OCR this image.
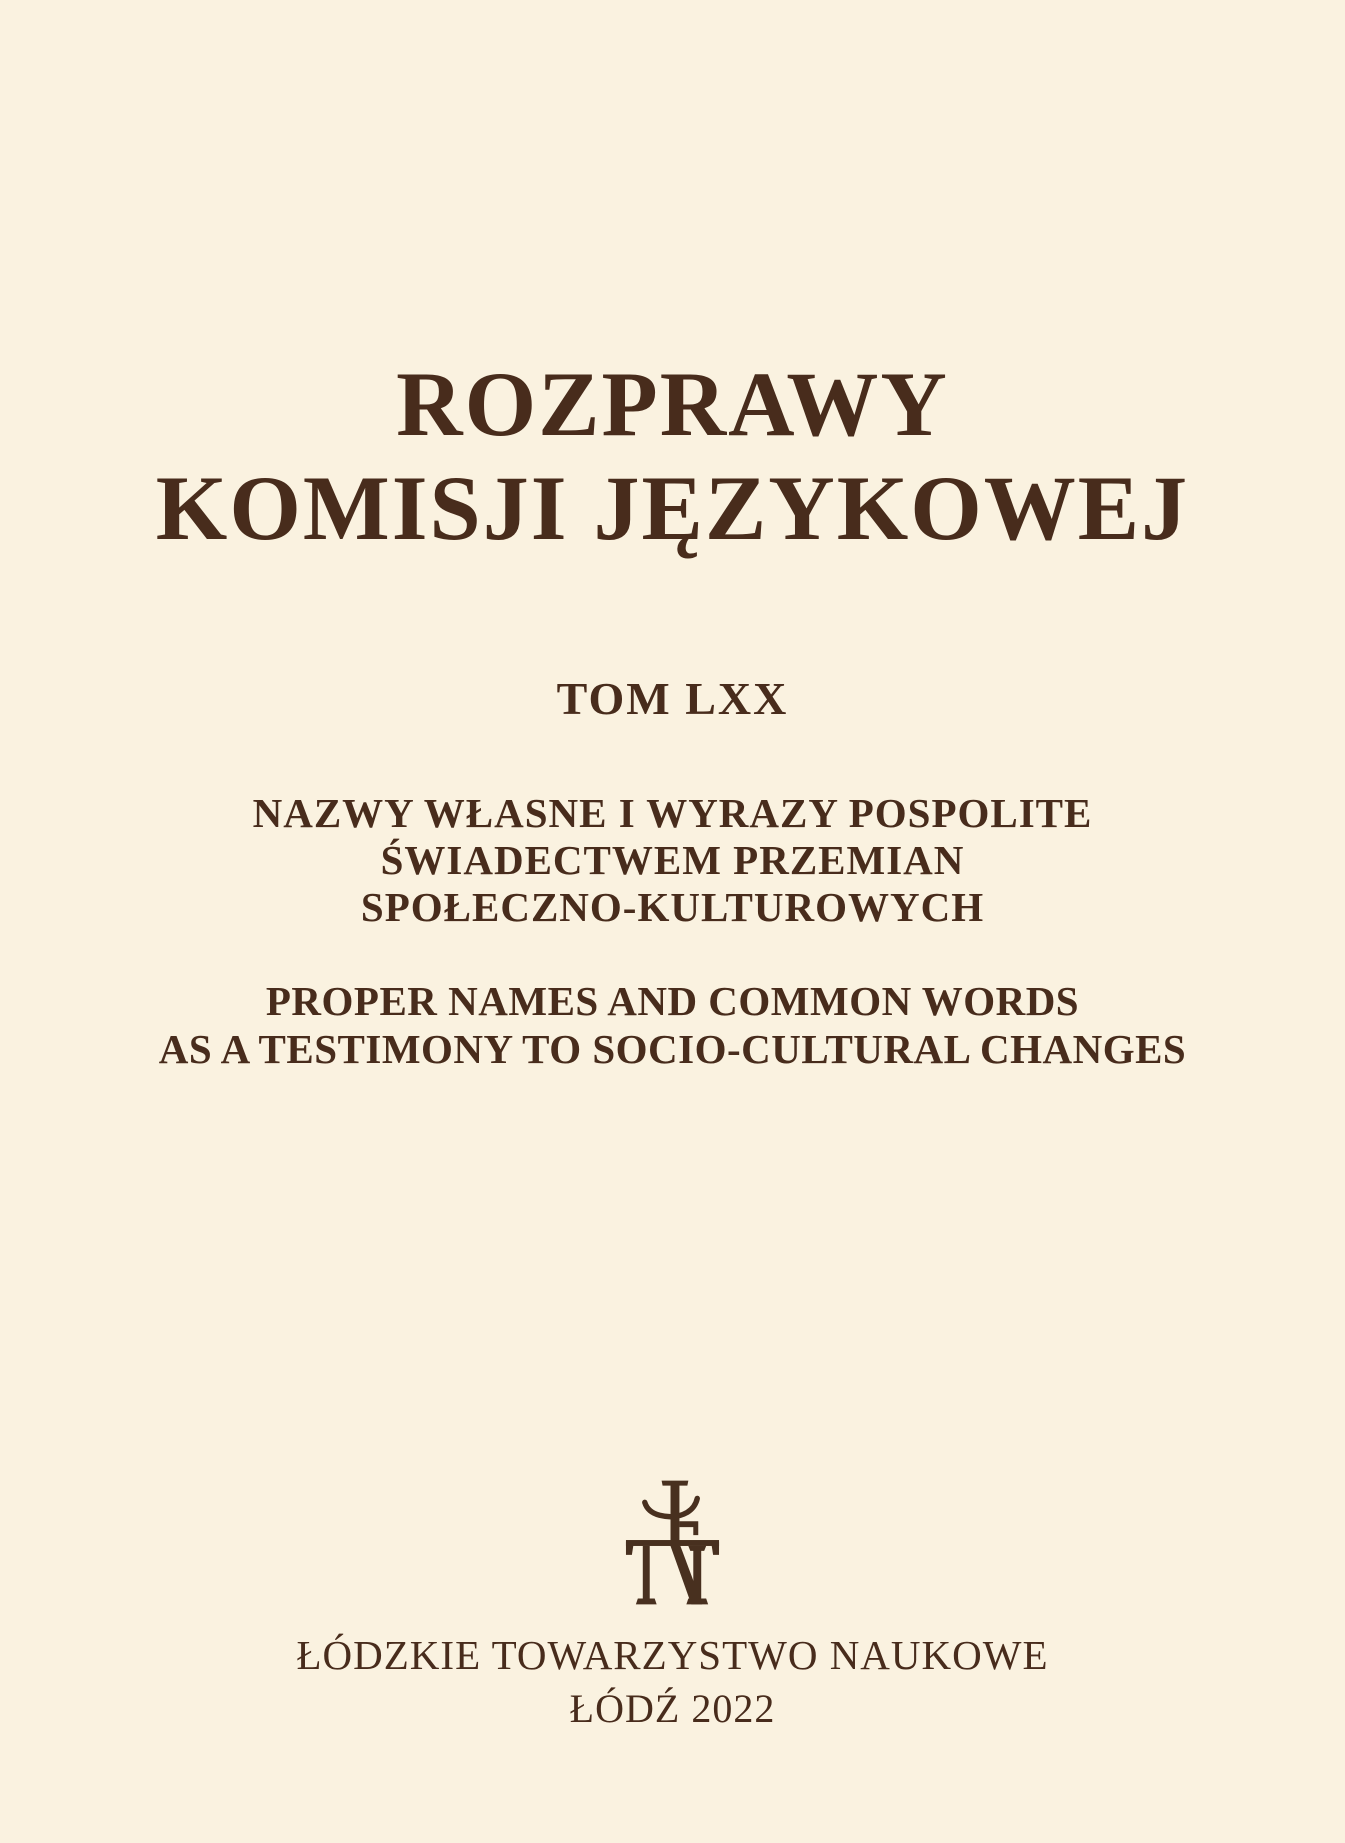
ROZPRAWY
KOMISJI JĘZYKOWEJ
TOM LXX
NAZWY WŁASNE I WYRAZY POSPOLITE
ŚWIADECTWEM PRZEMIAN
SPOŁECZNO-KULTUROWYCH
PROPER NAMES AND COMMON WORDS
AS A TESTIMONY TO SOCIO-CULTURAL CHANGES
ŁÓDZKIE TOWARZYSTWO NAUKOWE
ŁÓDŹ 2022
